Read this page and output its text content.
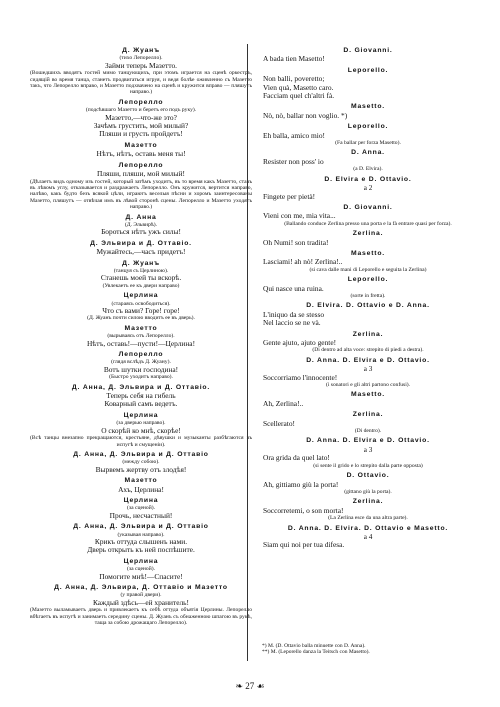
Д. Жуанъ
(тихо Лепорелло).
Займи теперь Мазетто.
(Вошедшихъ вводятъ гостей мимо танцующихъ, при этомъ играется на сценѣ оркестръ, сидящій во время танца, станетъ продвигаться игруя, и ведя болѣе оживленно съ Мазетто такъ, что Лепорелло вправо, и Мазетто подхвачено на сценѣ и кружится вправо — пляшутъ направо.)
Лепорелло
(подсѣвшаго Мазетто и беретъ его подъ руку).
Мазетто,—что-же это?
Зачѣмъ грустить, мой милый?
Пляши и грусть пройдетъ!
Мазетто
Нѣтъ, нѣтъ, оставь меня ты!
Лепорелло
Пляши, пляши, мой милый!
(Дѣлаетъ видъ одному изъ гостей, который затѣмъ уходитъ, въ то время какъ Мазетто, ставъ въ лѣвомъ углу, отказывается и раздражаетъ Лепорелло. Онъ кружится, вертится направо, налѣво, какъ будто безъ всякой цѣли, играютъ веселыя пѣсни и хоромъ заинтересованы Мазетто, пляшутъ — отвѣчая имъ въ лѣвой сторонѣ сцены. Лепорелло и Мазетто уходятъ направо.)
Д. Анна
(Д. Эльвирѣ).
Бороться нѣтъ ужъ силы!
Д. Эльвира и Д. Оттавіо.
Мужайтесь,—часъ придетъ!
Д. Жуанъ
(танцуя съ Церлиною).
Станешь моей ты вскорѣ.
(Увлекаетъ ее къ двери направо)
Церлина
(стараясь освободиться).
Что съ вами? Горе! горе!
(Д. Жуанъ почти силою вводитъ ее въ дверь).
Мазетто
(вырываясь отъ Лепорелло).
Нѣтъ, оставь!—пусти!—Церлина!
Лепорелло
(глядя вслѣдъ Д. Жуану).
Вотъ шутки господина!
(Быстро уходитъ направо).
Д. Анна, Д. Эльвира и Д. Оттавіо.
Теперь себя на гибель
Коварный самъ ведетъ.
Церлина
(за дверью направо).
О скорѣй ко мнѣ, скорѣе!
(Всѣ танцы внезапно прекращаются, крестьяне, дѣвушки и музыканты разбѣгаются въ испугѣ и смущеніи).
Д. Анна, Д. Эльвира и Д. Оттавіо
(между собою).
Вырвемъ жертву отъ злодѣя!
Мазетто
Ахъ, Церлина!
Церлина
(за сценой).
Прочь, несчастный!
Д. Анна, Д. Эльвира и Д. Оттавіо
(указывая направо).
Крикъ оттуда слышенъ нами.
Дверь открыть къ ней поспѣшите.
Церлина
(за сценой).
Помогите мнѣ!—Спасите!
Д. Анна, Д. Эльвира, Д. Оттавіо и Мазетто
(у правой двери).
Каждый здѣсь—ей хранитель!
(Мазетто выламываетъ дверь и привлекаетъ къ себѣ оттуда объятія Церлины. Лепорелло вбѣгаетъ въ испугѣ и занимаетъ середину сцены. Д. Жуанъ съ обнаженною шпагою въ рукѣ, таща за собою дрожащаго Лепорелло).
D. Giovanni.
A bada tien Masetto!
Leporello.
Non balli, poveretto;
Vien quà, Masetto caro.
Facciam quel ch'altri fà.
Masetto.
Nò, nò, ballar non voglio. *)
Leporello.
Eh balla, amico mio!
(Fa ballar per forza Masetto).
D. Anna.
Resister non poss' io
(a D. Elvira).
D. Elvira e D. Ottavio.
a 2
Fingete per pietà!
D. Giovanni.
Vieni con me, mia vita...
(Ballando conduce Zerlina presso una porta e la fà entrare quasi per forza).
Zerlina.
Oh Numi! son tradita!
Masetto.
Lasciami! ah nò! Zerlina!..
(si cava dalle mani di Leporello e seguita la Zerlina)
Leporello.
Qui nasce una ruina.
(sorte in fretta).
D. Elvira. D. Ottavio e D. Anna.
L'iniquo da se stesso
Nel laccio se ne và.
Zerlina.
Gente ajuto, ajuto gente!
(Di dentro ad alta voce: strepito di piedi a destra).
D. Anna. D. Elvira e D. Ottavio.
a 3
Soccorriamo l'innocente!
(i sonatori e gli altri partono confusi).
Masetto.
Ah, Zerlina!..
Zerlina.
Scellerato!
(Di dentro).
D. Anna. D. Elvira e D. Ottavio.
a 3
Ora grida da quel lato!
(si sente il grido e lo strepito dalla parte opposta)
D. Ottavio.
Ah, gittiamo giù la porta!
(gittano giù la porta).
Zerlina.
Soccorretemi, o son morta!
(La Zerlina esce da una altra parte).
D. Anna. D. Elvira. D. Ottavio e Masetto.
a 4
Siam qui noi per tua difesa.
*) M. (D. Ottavio balla minuette con D. Anna).
**) M. (Leporello danza la Teitsch con Masetto).
❧ 27 ☙
